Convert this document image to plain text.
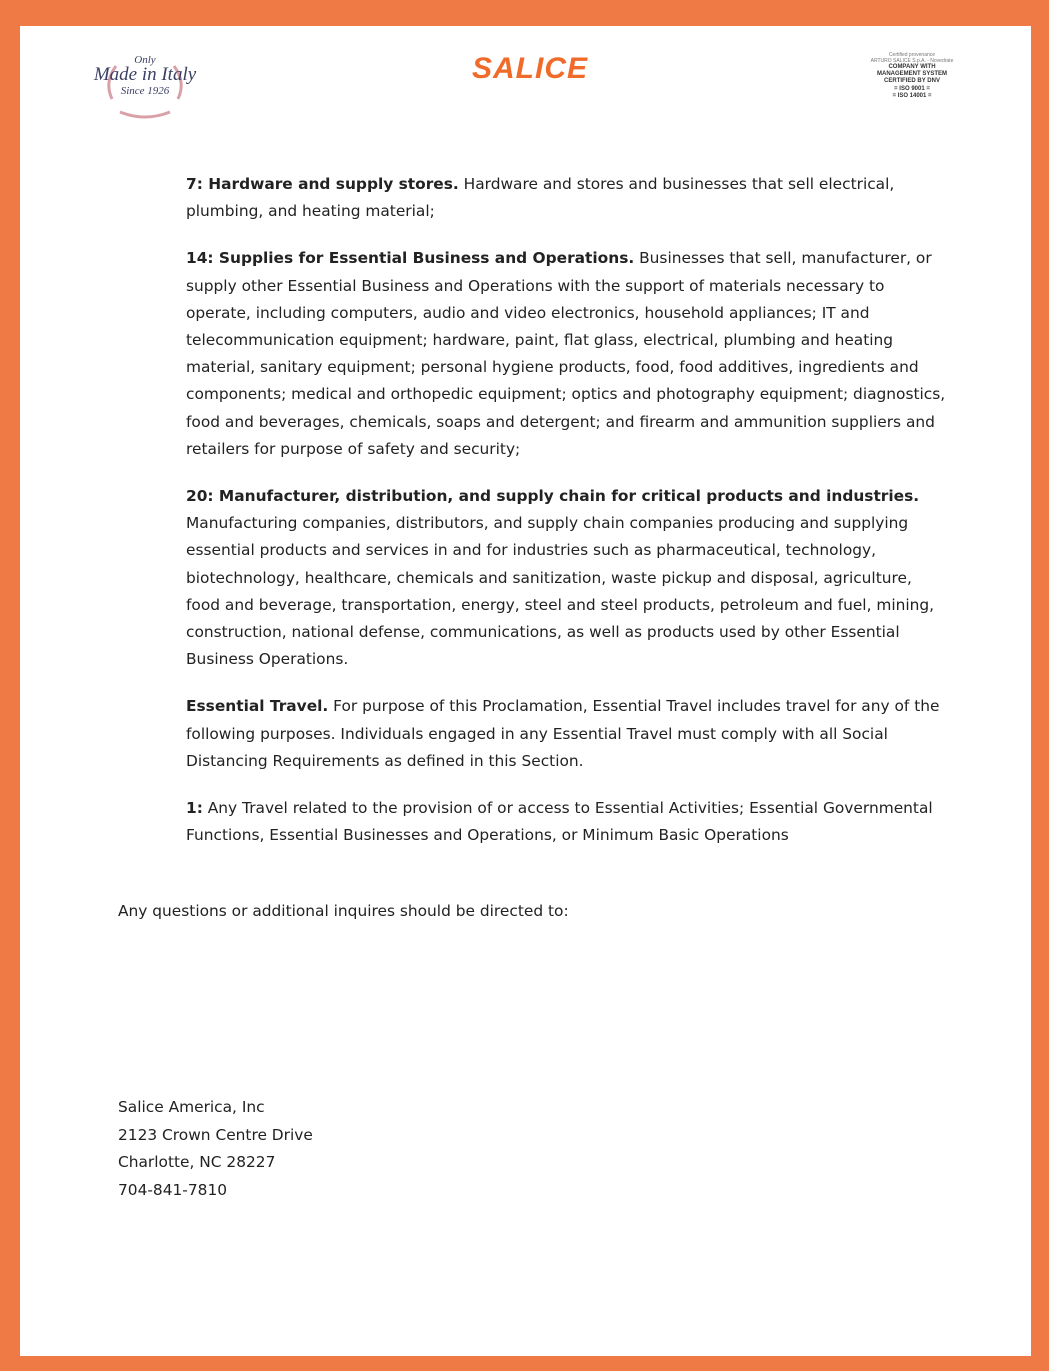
Only
Made in Italy
Since 1926
SALICE	Certified provenance
ARTURO SALICE S.p.A. - Novedrate
COMPANY WITH
MANAGEMENT SYSTEM
CERTIFIED BY DNV
= ISO 9001 =
= ISO 14001 =

7: Hardware and supply stores. Hardware and stores and businesses that sell electrical, plumbing, and heating material;

14: Supplies for Essential Business and Operations. Businesses that sell, manufacturer, or supply other Essential Business and Operations with the support of materials necessary to operate, including computers, audio and video electronics, household appliances; IT and telecommunication equipment; hardware, paint, flat glass, electrical, plumbing and heating material, sanitary equipment; personal hygiene products, food, food additives, ingredients and components; medical and orthopedic equipment; optics and photography equipment; diagnostics, food and beverages, chemicals, soaps and detergent; and firearm and ammunition suppliers and retailers for purpose of safety and security;

20: Manufacturer, distribution, and supply chain for critical products and industries. Manufacturing companies, distributors, and supply chain companies producing and supplying essential products and services in and for industries such as pharmaceutical, technology, biotechnology, healthcare, chemicals and sanitization, waste pickup and disposal, agriculture, food and beverage, transportation, energy, steel and steel products, petroleum and fuel, mining, construction, national defense, communications, as well as products used by other Essential Business Operations.

Essential Travel. For purpose of this Proclamation, Essential Travel includes travel for any of the following purposes. Individuals engaged in any Essential Travel must comply with all Social Distancing Requirements as defined in this Section.

1: Any Travel related to the provision of or access to Essential Activities; Essential Governmental Functions, Essential Businesses and Operations, or Minimum Basic Operations

Any questions or additional inquires should be directed to:
Salice America, Inc
2123 Crown Centre Drive
Charlotte, NC 28227
704-841-7810
